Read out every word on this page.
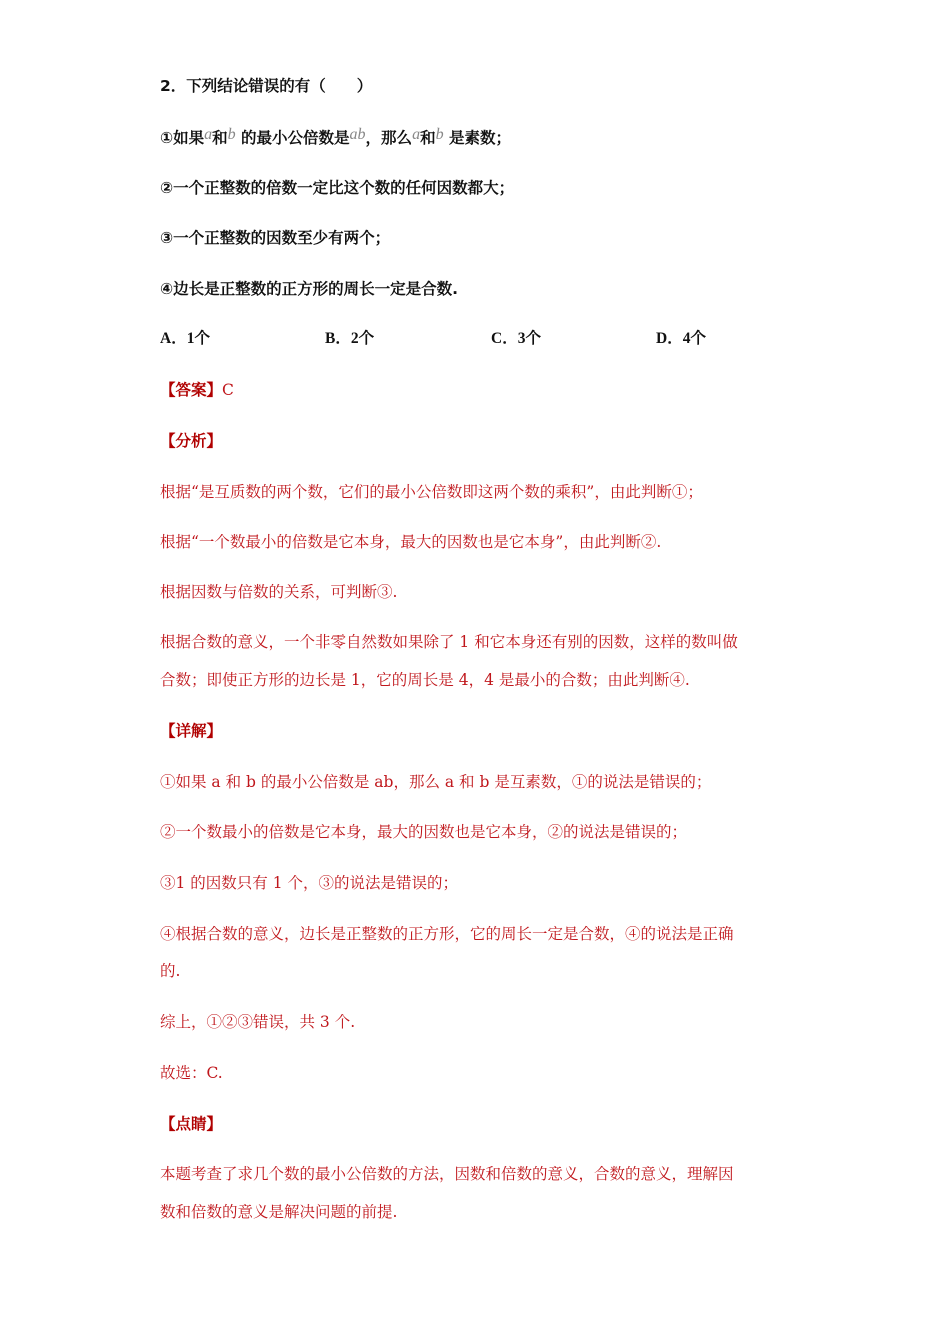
2．下列结论错误的有（　　）
①如果a和b 的最小公倍数是ab，那么a和b 是素数；
②一个正整数的倍数一定比这个数的任何因数都大；
③一个正整数的因数至少有两个；
④边长是正整数的正方形的周长一定是合数.
A．1个	B．2个	C．3个	D．4个
【答案】C
【分析】
根据“是互质数的两个数，它们的最小公倍数即这两个数的乘积”，由此判断①；
根据“一个数最小的倍数是它本身，最大的因数也是它本身”，由此判断②.
根据因数与倍数的关系，可判断③.
根据合数的意义，一个非零自然数如果除了 1 和它本身还有别的因数，这样的数叫做
合数；即使正方形的边长是 1，它的周长是 4，4 是最小的合数；由此判断④.
【详解】
①如果 a 和 b 的最小公倍数是 ab，那么 a 和 b 是互素数，①的说法是错误的；
②一个数最小的倍数是它本身，最大的因数也是它本身，②的说法是错误的；
③1 的因数只有 1 个，③的说法是错误的；
④根据合数的意义，边长是正整数的正方形，它的周长一定是合数，④的说法是正确
的.
综上，①②③错误，共 3 个.
故选：C.
【点睛】
本题考查了求几个数的最小公倍数的方法，因数和倍数的意义，合数的意义，理解因
数和倍数的意义是解决问题的前提.
